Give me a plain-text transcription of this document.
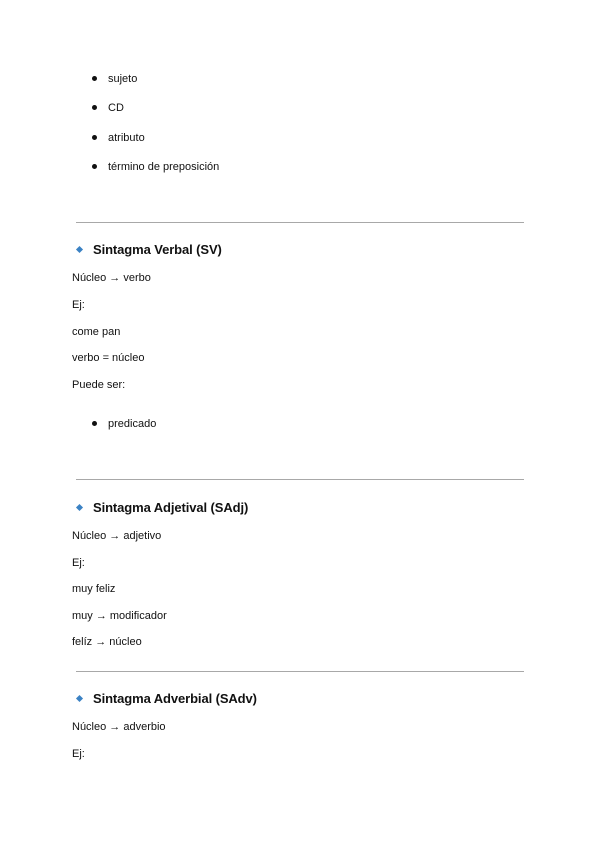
sujeto
CD
atributo
término de preposición
Sintagma Verbal (SV)
Núcleo → verbo
Ej:
come pan
verbo = núcleo
Puede ser:
predicado
Sintagma Adjetival (SAdj)
Núcleo → adjetivo
Ej:
muy feliz
muy → modificador
felíz → núcleo
Sintagma Adverbial (SAdv)
Núcleo → adverbio
Ej:
